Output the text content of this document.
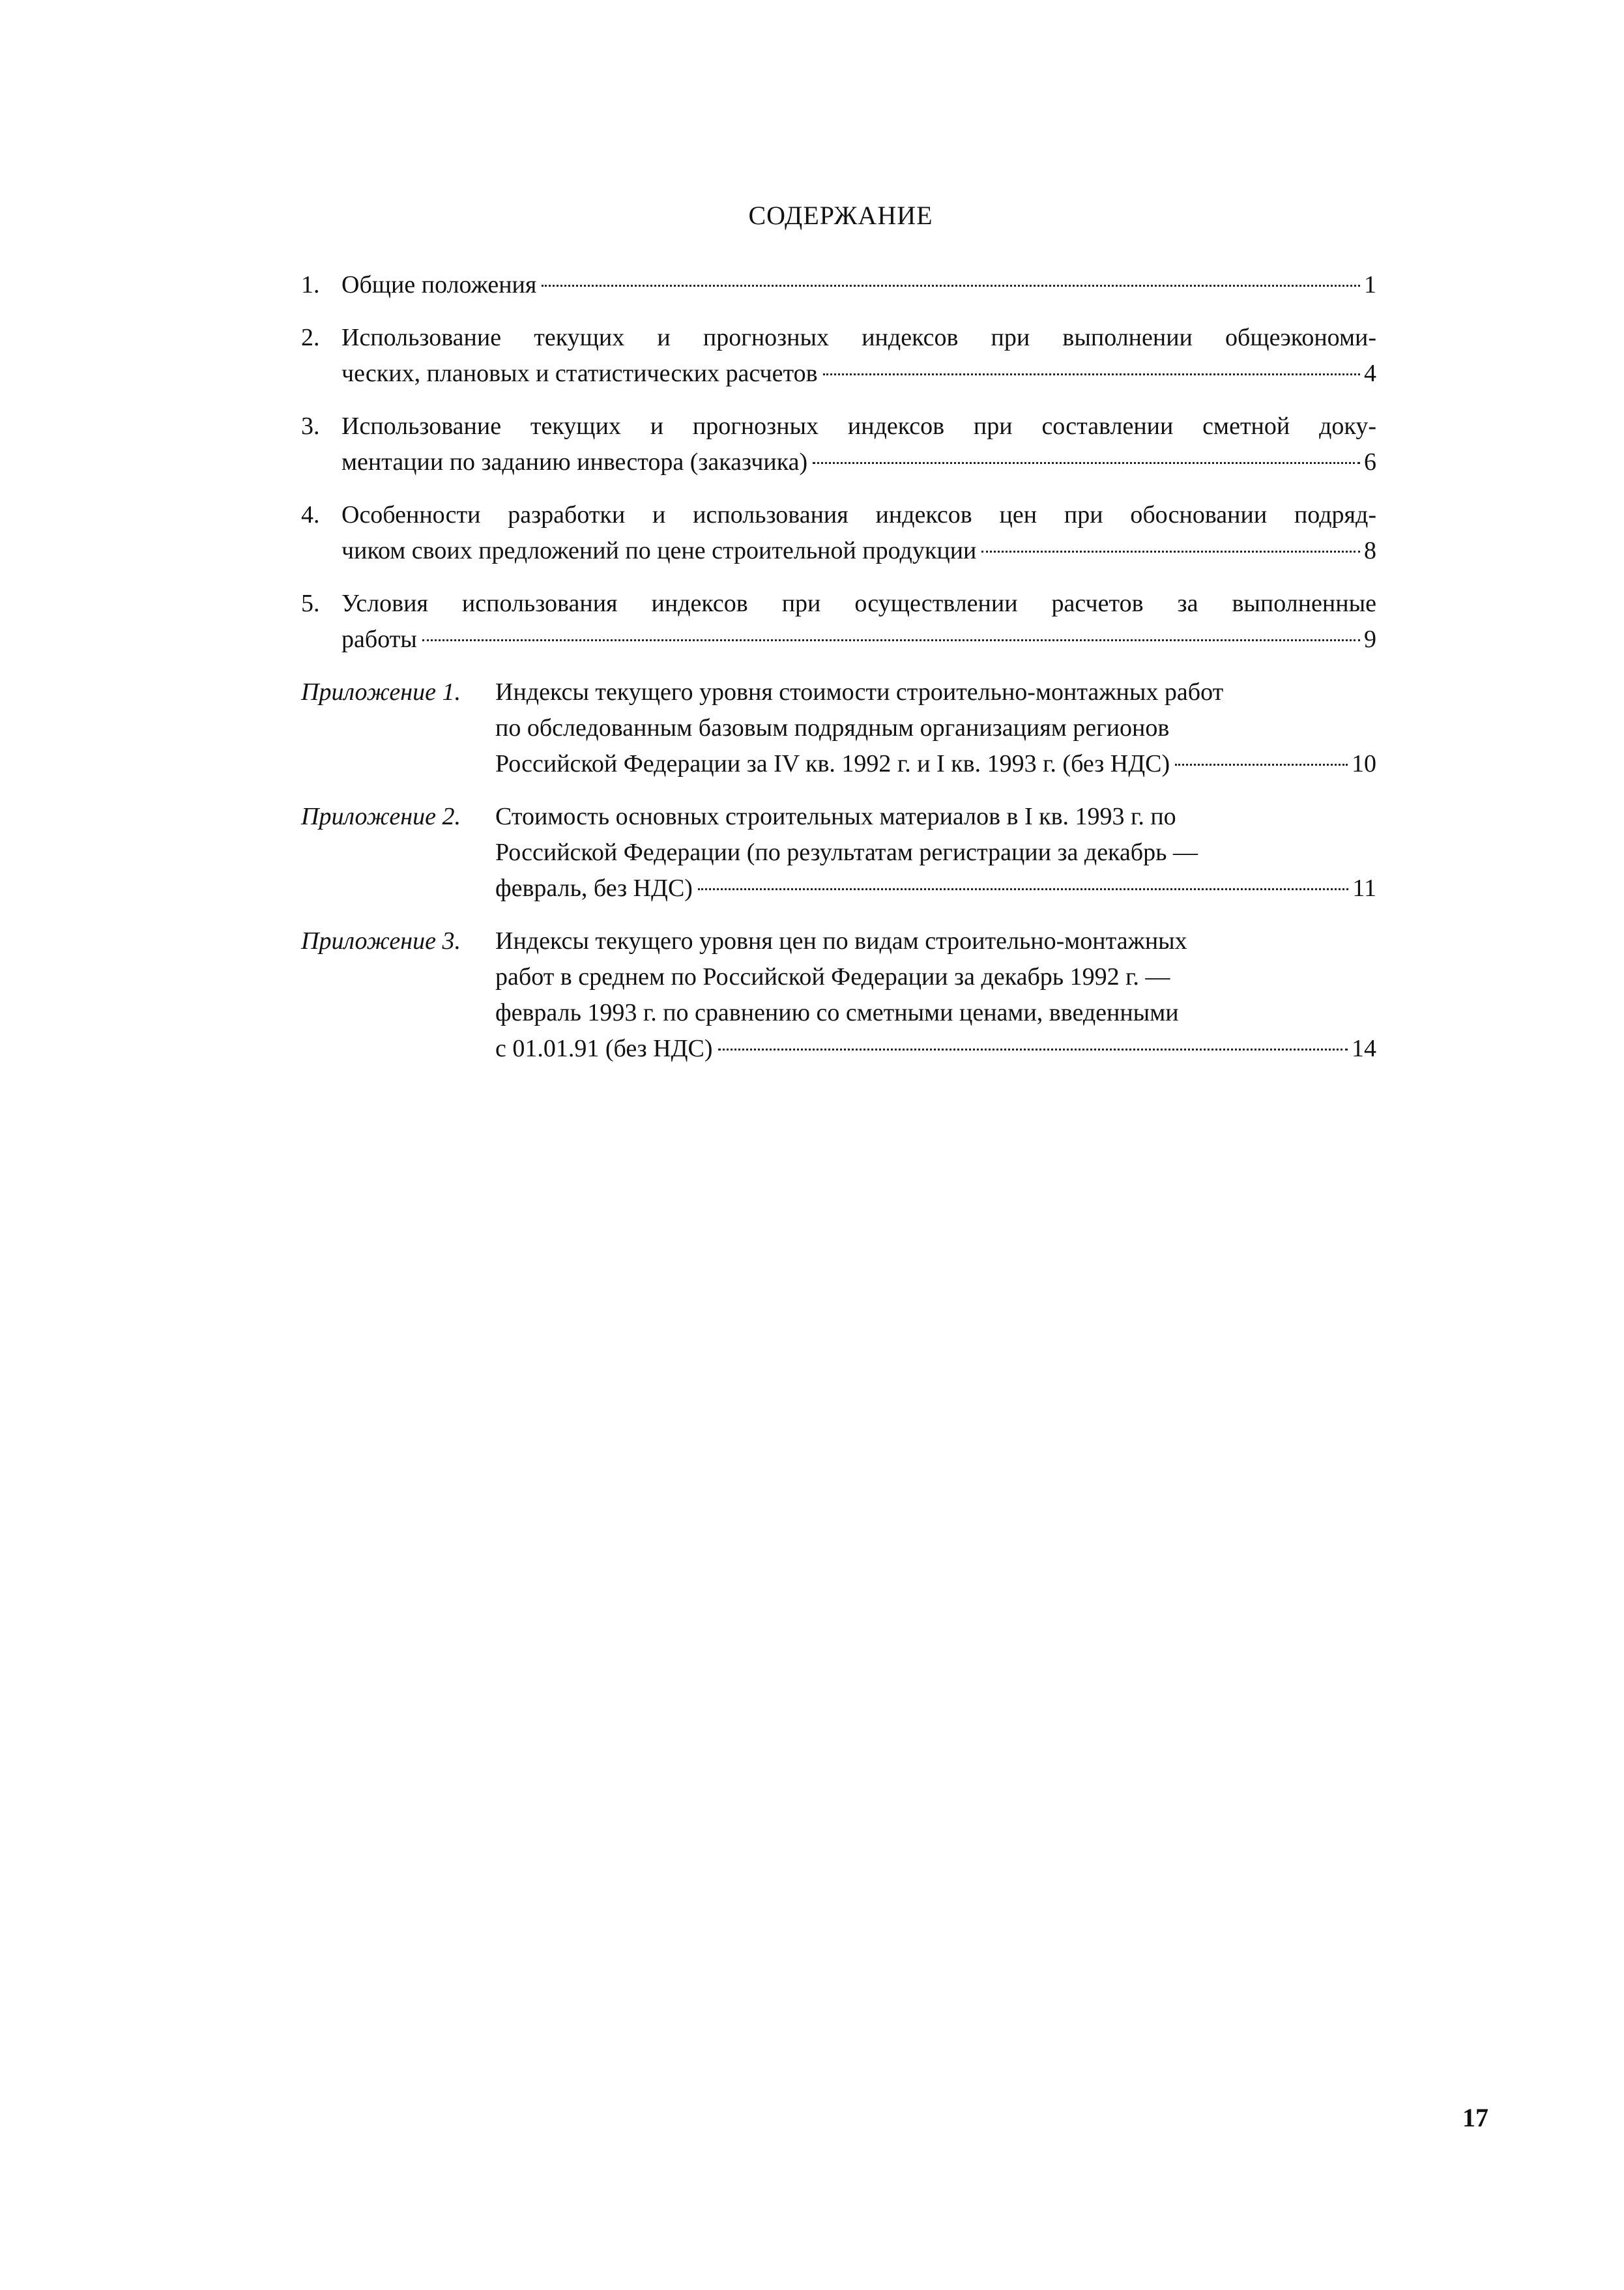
СОДЕРЖАНИЕ
1. Общие положения	1
2. Использование текущих и прогнозных индексов при выполнении общеэкономи-
ческих, плановых и статистических расчетов	4
3. Использование текущих и прогнозных индексов при составлении сметной доку-
ментации по заданию инвестора (заказчика)	6
4. Особенности разработки и использования индексов цен при обосновании подряд-
чиком своих предложений по цене строительной продукции	8
5. Условия использования индексов при осуществлении расчетов за выполненные
работы	9
Приложение 1.	Индексы текущего уровня стоимости строительно-монтажных работ
по обследованным базовым подрядным организациям регионов
Российской Федерации за IV кв. 1992 г. и I кв. 1993 г. (без НДС)	10
Приложение 2.	Стоимость основных строительных материалов в I кв. 1993 г. по
Российской Федерации (по результатам регистрации за декабрь —
февраль, без НДС)	11
Приложение 3.	Индексы текущего уровня цен по видам строительно-монтажных
работ в среднем по Российской Федерации за декабрь 1992 г. —
февраль 1993 г. по сравнению со сметными ценами, введенными
с 01.01.91 (без НДС)	14
17
